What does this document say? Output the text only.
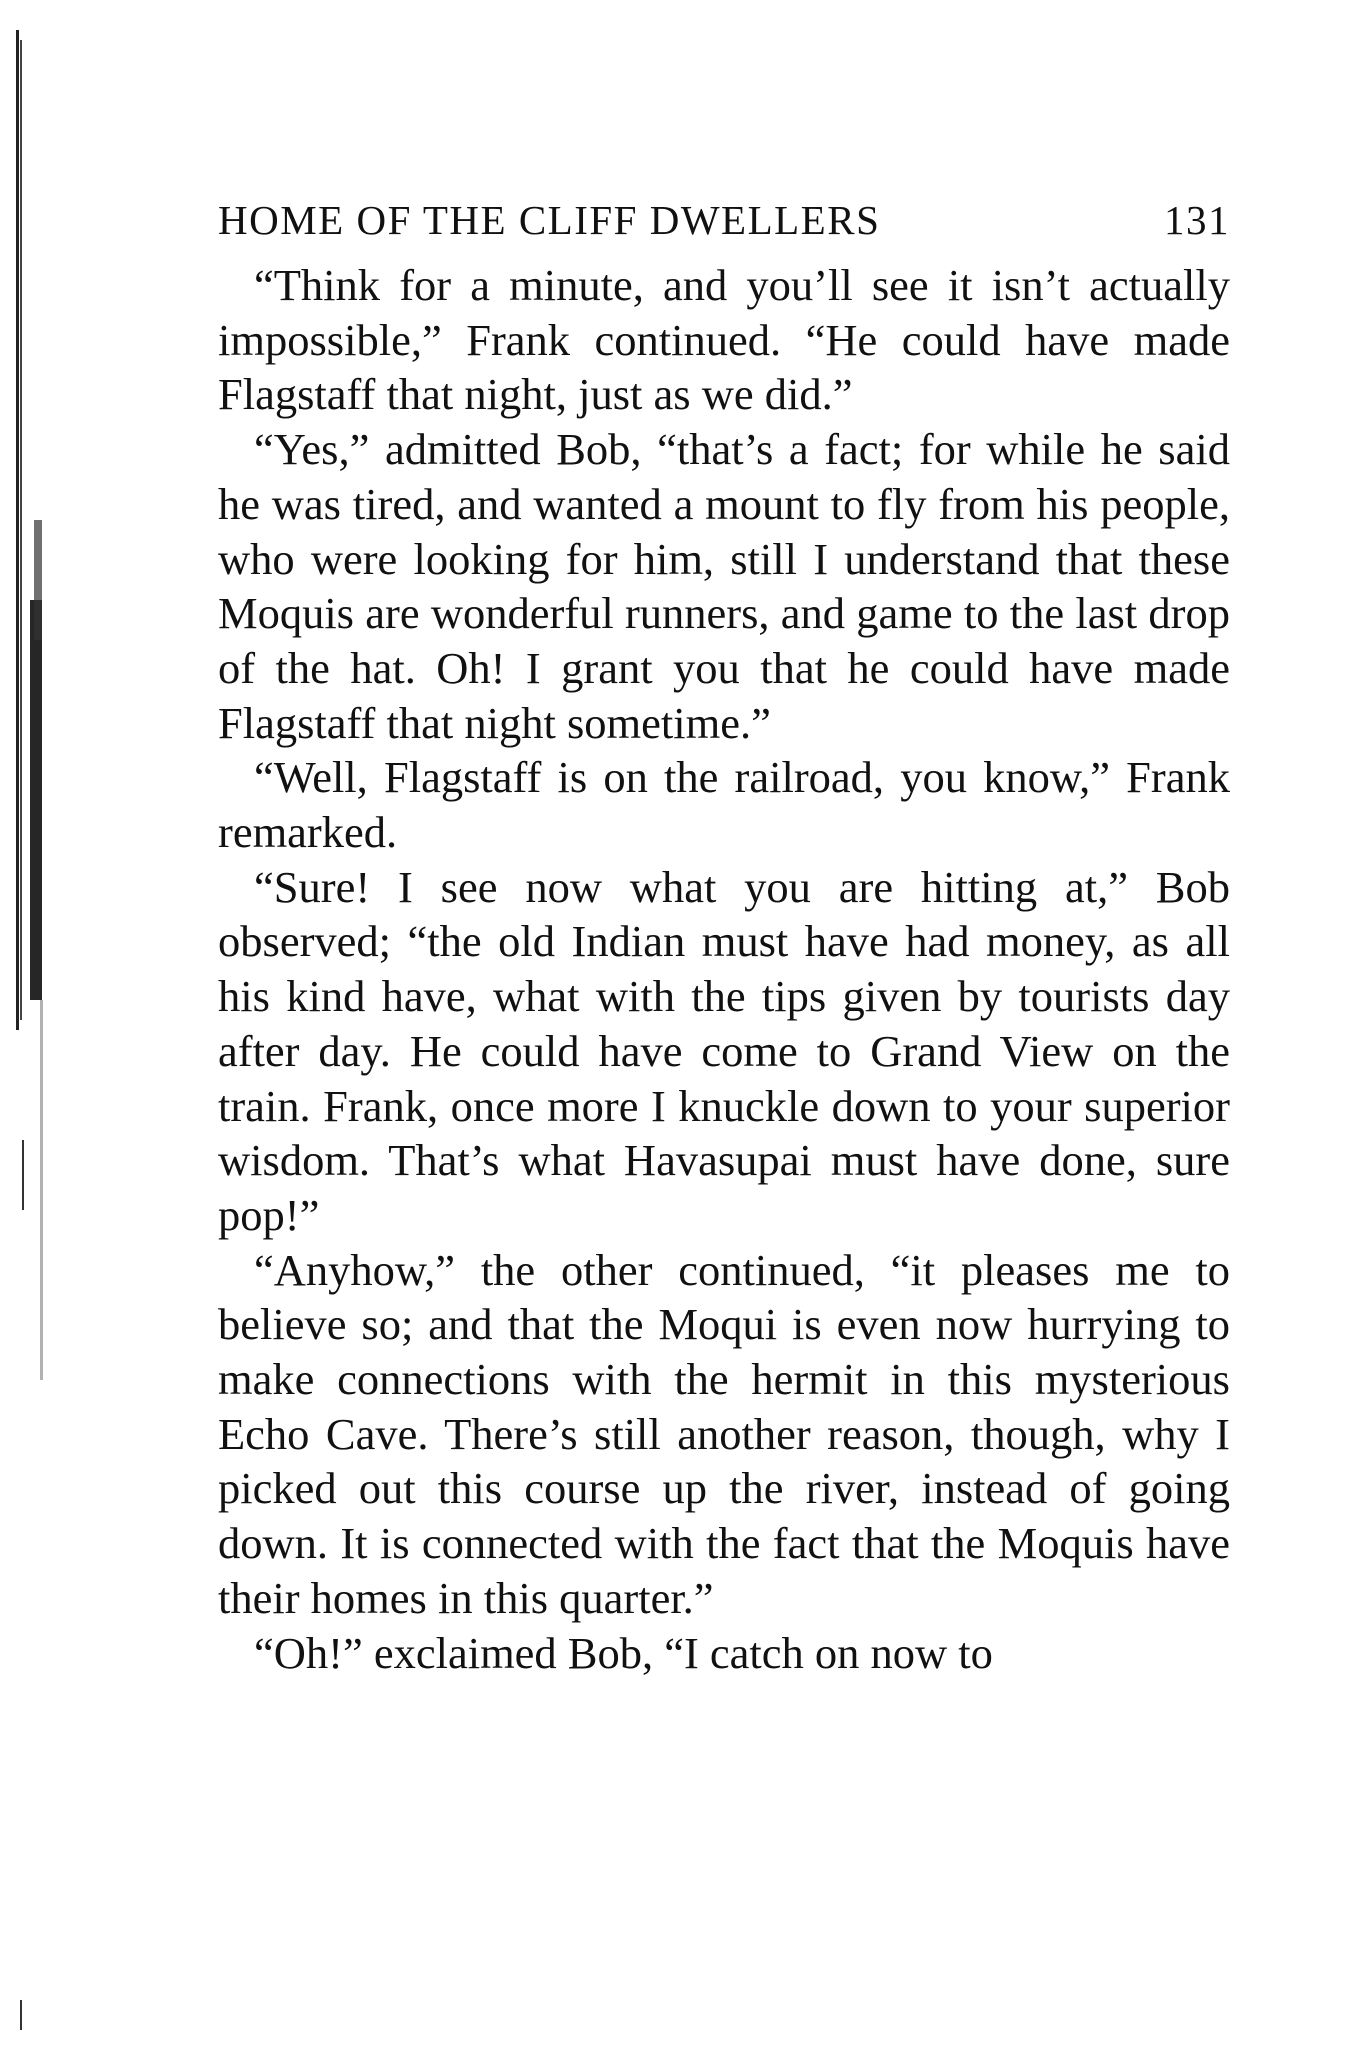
HOME OF THE CLIFF DWELLERS	131

“Think for a minute, and you’ll see it isn’t actually impossible,” Frank continued. “He could have made Flagstaff that night, just as we did.”

“Yes,” admitted Bob, “that’s a fact; for while he said he was tired, and wanted a mount to fly from his people, who were looking for him, still I understand that these Moquis are wonderful runners, and game to the last drop of the hat. Oh! I grant you that he could have made Flagstaff that night sometime.”

“Well, Flagstaff is on the railroad, you know,” Frank remarked.

“Sure! I see now what you are hitting at,” Bob observed; “the old Indian must have had money, as all his kind have, what with the tips given by tourists day after day. He could have come to Grand View on the train. Frank, once more I knuckle down to your superior wisdom. That’s what Havasupai must have done, sure pop!”

“Anyhow,” the other continued, “it pleases me to believe so; and that the Moqui is even now hurrying to make connections with the hermit in this mysterious Echo Cave. There’s still another reason, though, why I picked out this course up the river, instead of going down. It is connected with the fact that the Moquis have their homes in this quarter.”

“Oh!” exclaimed Bob, “I catch on now to
